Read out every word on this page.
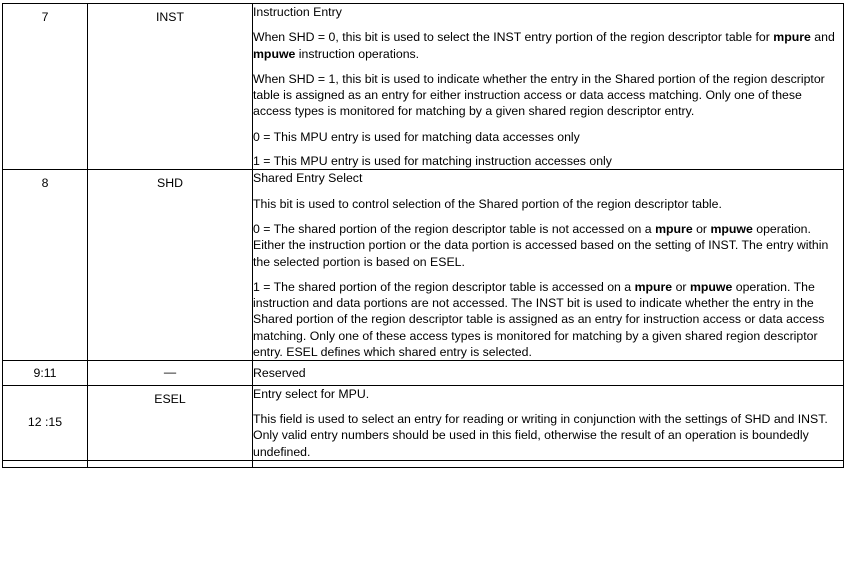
7	INST	Instruction Entry

When SHD = 0, this bit is used to select the INST entry portion of the region descriptor table for mpure and mpuwe instruction operations.

When SHD = 1, this bit is used to indicate whether the entry in the Shared portion of the region descriptor table is assigned as an entry for either instruction access or data access matching. Only one of these access types is monitored for matching by a given shared region descriptor entry.

0 = This MPU entry is used for matching data accesses only

1 = This MPU entry is used for matching instruction accesses only

8	SHD	Shared Entry Select

This bit is used to control selection of the Shared portion of the region descriptor table.

0 = The shared portion of the region descriptor table is not accessed on a mpure or mpuwe operation. Either the instruction portion or the data portion is accessed based on the setting of INST. The entry within the selected portion is based on ESEL.

1 = The shared portion of the region descriptor table is accessed on a mpure or mpuwe operation. The instruction and data portions are not accessed. The INST bit is used to indicate whether the entry in the Shared portion of the region descriptor table is assigned as an entry for instruction access or data access matching. Only one of these access types is monitored for matching by a given shared region descriptor entry. ESEL defines which shared entry is selected.

9:11	—	Reserved

12 :15	ESEL	Entry select for MPU.

This field is used to select an entry for reading or writing in conjunction with the settings of SHD and INST. Only valid entry numbers should be used in this field, otherwise the result of an operation is boundedly undefined.
